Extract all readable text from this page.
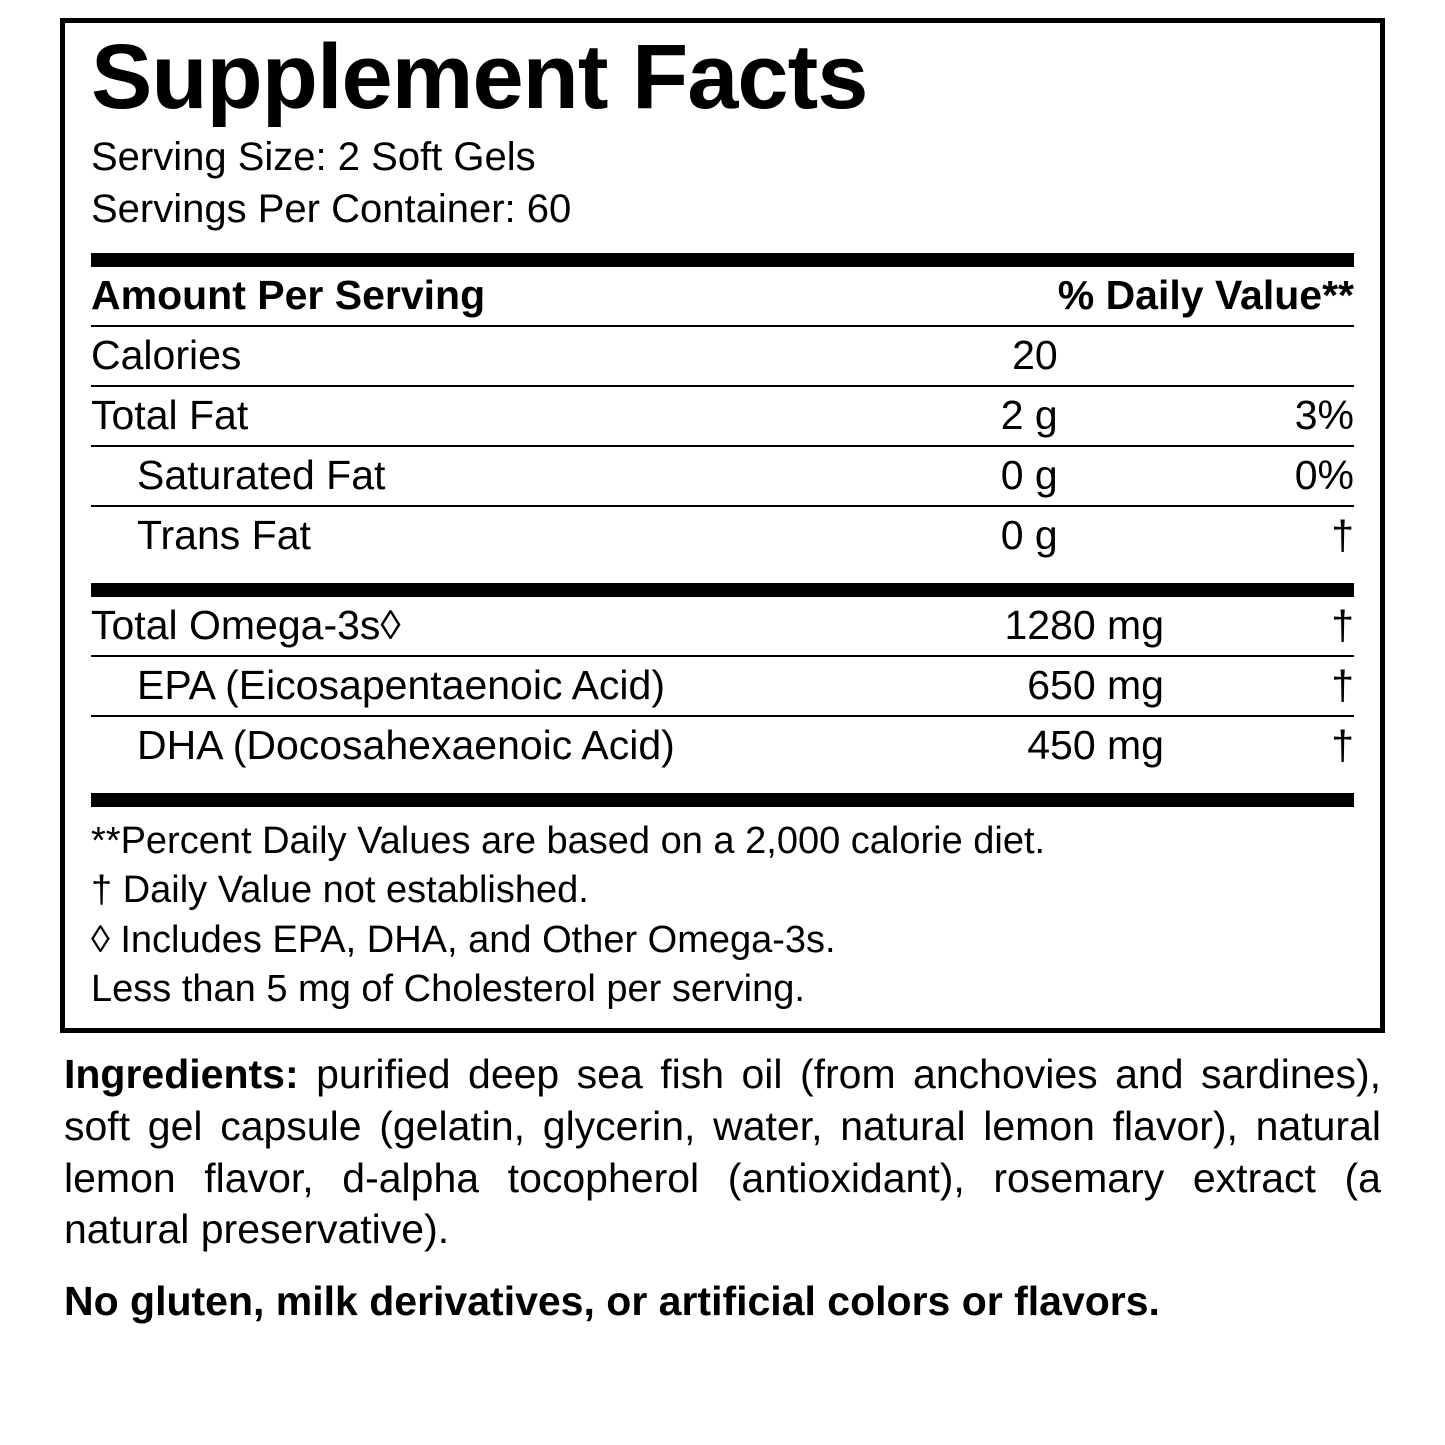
Supplement Facts
Serving Size: 2 Soft Gels
Servings Per Container: 60
Amount Per Serving		% Daily Value**
Calories	20	
Total Fat	2 g	3%
Saturated Fat	0 g	0%
Trans Fat	0 g	†
Total Omega-3s◊	1280 mg	†
EPA (Eicosapentaenoic Acid)	650 mg	†
DHA (Docosahexaenoic Acid)	450 mg	†
**Percent Daily Values are based on a 2,000 calorie diet.
† Daily Value not established.
◊ Includes EPA, DHA, and Other Omega-3s.
Less than 5 mg of Cholesterol per serving.

Ingredients: purified deep sea fish oil (from anchovies and sardines), soft gel capsule (gelatin, glycerin, water, natural lemon flavor), natural lemon flavor, d-alpha tocopherol (antioxidant), rosemary extract (a natural preservative).

No gluten, milk derivatives, or artificial colors or flavors.
